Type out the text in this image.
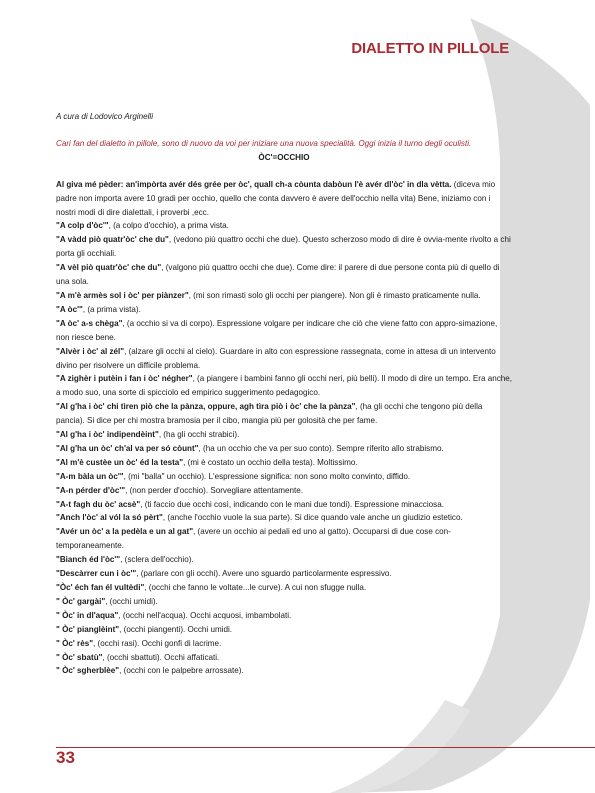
DIALETTO IN PILLOLE

A cura di Lodovico Arginelli

Cari fan del dialetto in pillole, sono di nuovo da voi per iniziare una nuova specialità. Oggi inizia il turno degli oculisti.

ÒC'=OCCHIO

Al giva mé pèder: an'impòrta avér dés grée per òc', quall ch-a còunta dabòun l'è avér dl'òc' in dla vètta. (diceva mio padre non importa avere 10 gradi per occhio, quello che conta davvero è avere dell'occhio nella vita) Bene, iniziamo con i nostri modi di dire dialettali, i proverbi ,ecc.

"A colp d'òc'", (a colpo d'occhio), a prima vista.

"A vàdd piò quatr'òc' che du", (vedono più quattro occhi che due). Questo scherzoso modo di dire è ovvia-mente rivolto a chi porta gli occhiali.

"A vèl piò quatr'òc' che du", (valgono più quattro occhi che due). Come dire: il parere di due persone conta più di quello di una sola.

"A m'è armès sol i òc' per piànzer", (mi son rimasti solo gli occhi per piangere). Non gli è rimasto praticamente nulla.

"A òc'", (a prima vista).

"A òc' a-s chèga", (a occhio si va di corpo). Espressione volgare per indicare che ciò che viene fatto con appro-simazione, non riesce bene.

"Alvèr i òc' al zél", (alzare gli occhi al cielo). Guardare in alto con espressione rassegnata, come in attesa di un intervento divino per risolvere un difficile problema.

"A zighèr i putèin i fan i òc' négher", (a piangere i bambini fanno gli occhi neri, più belli). Il modo di dire un tempo. Era anche, a modo suo, una sorte di spicciolo ed empirico suggerimento pedagogico.

"Al g'ha i òc' chi tìren piò che la pànza, oppure, agh tìra piò i òc' che la pànza", (ha gli occhi che tengono più della pancia). Si dice per chi mostra bramosia per il cibo, mangia più per golosità che per fame.

"Al g'ha i òc' indipendèint", (ha gli occhi strabici).

"Al g'ha un òc' ch'al va per só còunt", (ha un occhio che va per suo conto). Sempre riferito allo strabismo.

"Al m'è custèe un òc' éd la testa", (mi è costato un occhio della testa). Moltissimo.

"A-m bàla un òc'", (mi "balla" un occhio). L'espressione significa: non sono molto convinto, diffido.

"A-n pérder d'òc'", (non perder d'occhio). Sorvegliare attentamente.

"A-t fagh du òc' acsè", (ti faccio due occhi così, indicando con le mani due tondi). Espressione minacciosa.

"Anch l'òc' al vól la só pèrt", (anche l'occhio vuole la sua parte). Si dice quando vale anche un giudizio estetico.

"Avér un òc' a la pedèla e un al gat", (avere un occhio ai pedali ed uno al gatto). Occuparsi di due cose con-temporaneamente.

"Bianch éd l'òc'", (sclera dell'occhio).

"Descàrrer cun i òc'", (parlare con gli occhi). Avere uno sguardo particolarmente espressivo.

"Òc' éch fan él vultèdi", (occhi che fanno le voltate...le curve). A cui non sfugge nulla.

" Òc' gargài", (occhi umidi).

" Òc' in dl'aqua", (occhi nell'acqua). Occhi acquosi, imbambolati.

" Òc' pianglèint", (occhi piangenti). Occhi umidi.

" Òc' rès", (occhi rasi). Occhi gonfi di lacrime.

" Òc' sbatù", (occhi sbattuti). Occhi affaticati.

" Òc' sgherblèe", (occhi con le palpebre arrossate).

33
